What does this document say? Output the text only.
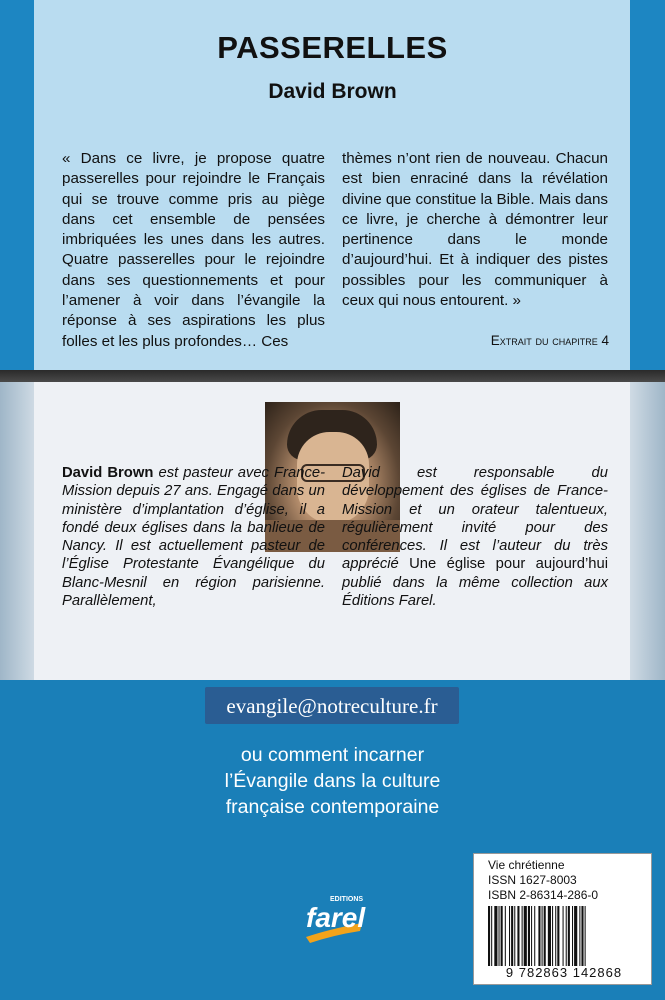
PASSERELLES
David Brown
« Dans ce livre, je propose quatre passerelles pour rejoindre le Français qui se trouve comme pris au piège dans cet ensemble de pensées imbriquées les unes dans les autres. Quatre passerelles pour le rejoindre dans ses questionnements et pour l’amener à voir dans l’évangile la réponse à ses aspirations les plus folles et les plus profondes… Ces
thèmes n’ont rien de nouveau. Chacun est bien enraciné dans la révélation divine que constitue la Bible. Mais dans ce livre, je cherche à démontrer leur pertinence dans le monde d’aujourd’hui. Et à indiquer des pistes possibles pour les communiquer à ceux qui nous entourent. »
Extrait du chapitre 4
David Brown est pasteur avec France-Mission depuis 27 ans. Engagé dans un ministère d’implantation d’église, il a fondé deux églises dans la banlieue de Nancy. Il est actuellement pasteur de l’Église Protestante Évangélique du Blanc-Mesnil en région parisienne. Parallèlement,
David est responsable du développement des églises de France-Mission et un orateur talentueux, régulièrement invité pour des conférences. Il est l’auteur du très apprécié Une église pour aujourd’hui publié dans la même collection aux Éditions Farel.
evangile@notreculture.fr
ou comment incarner
l’Évangile dans la culture
française contemporaine
EDITIONS
farel
Vie chrétienne
ISSN 1627-8003
ISBN 2-86314-286-0
9 782863 142868
